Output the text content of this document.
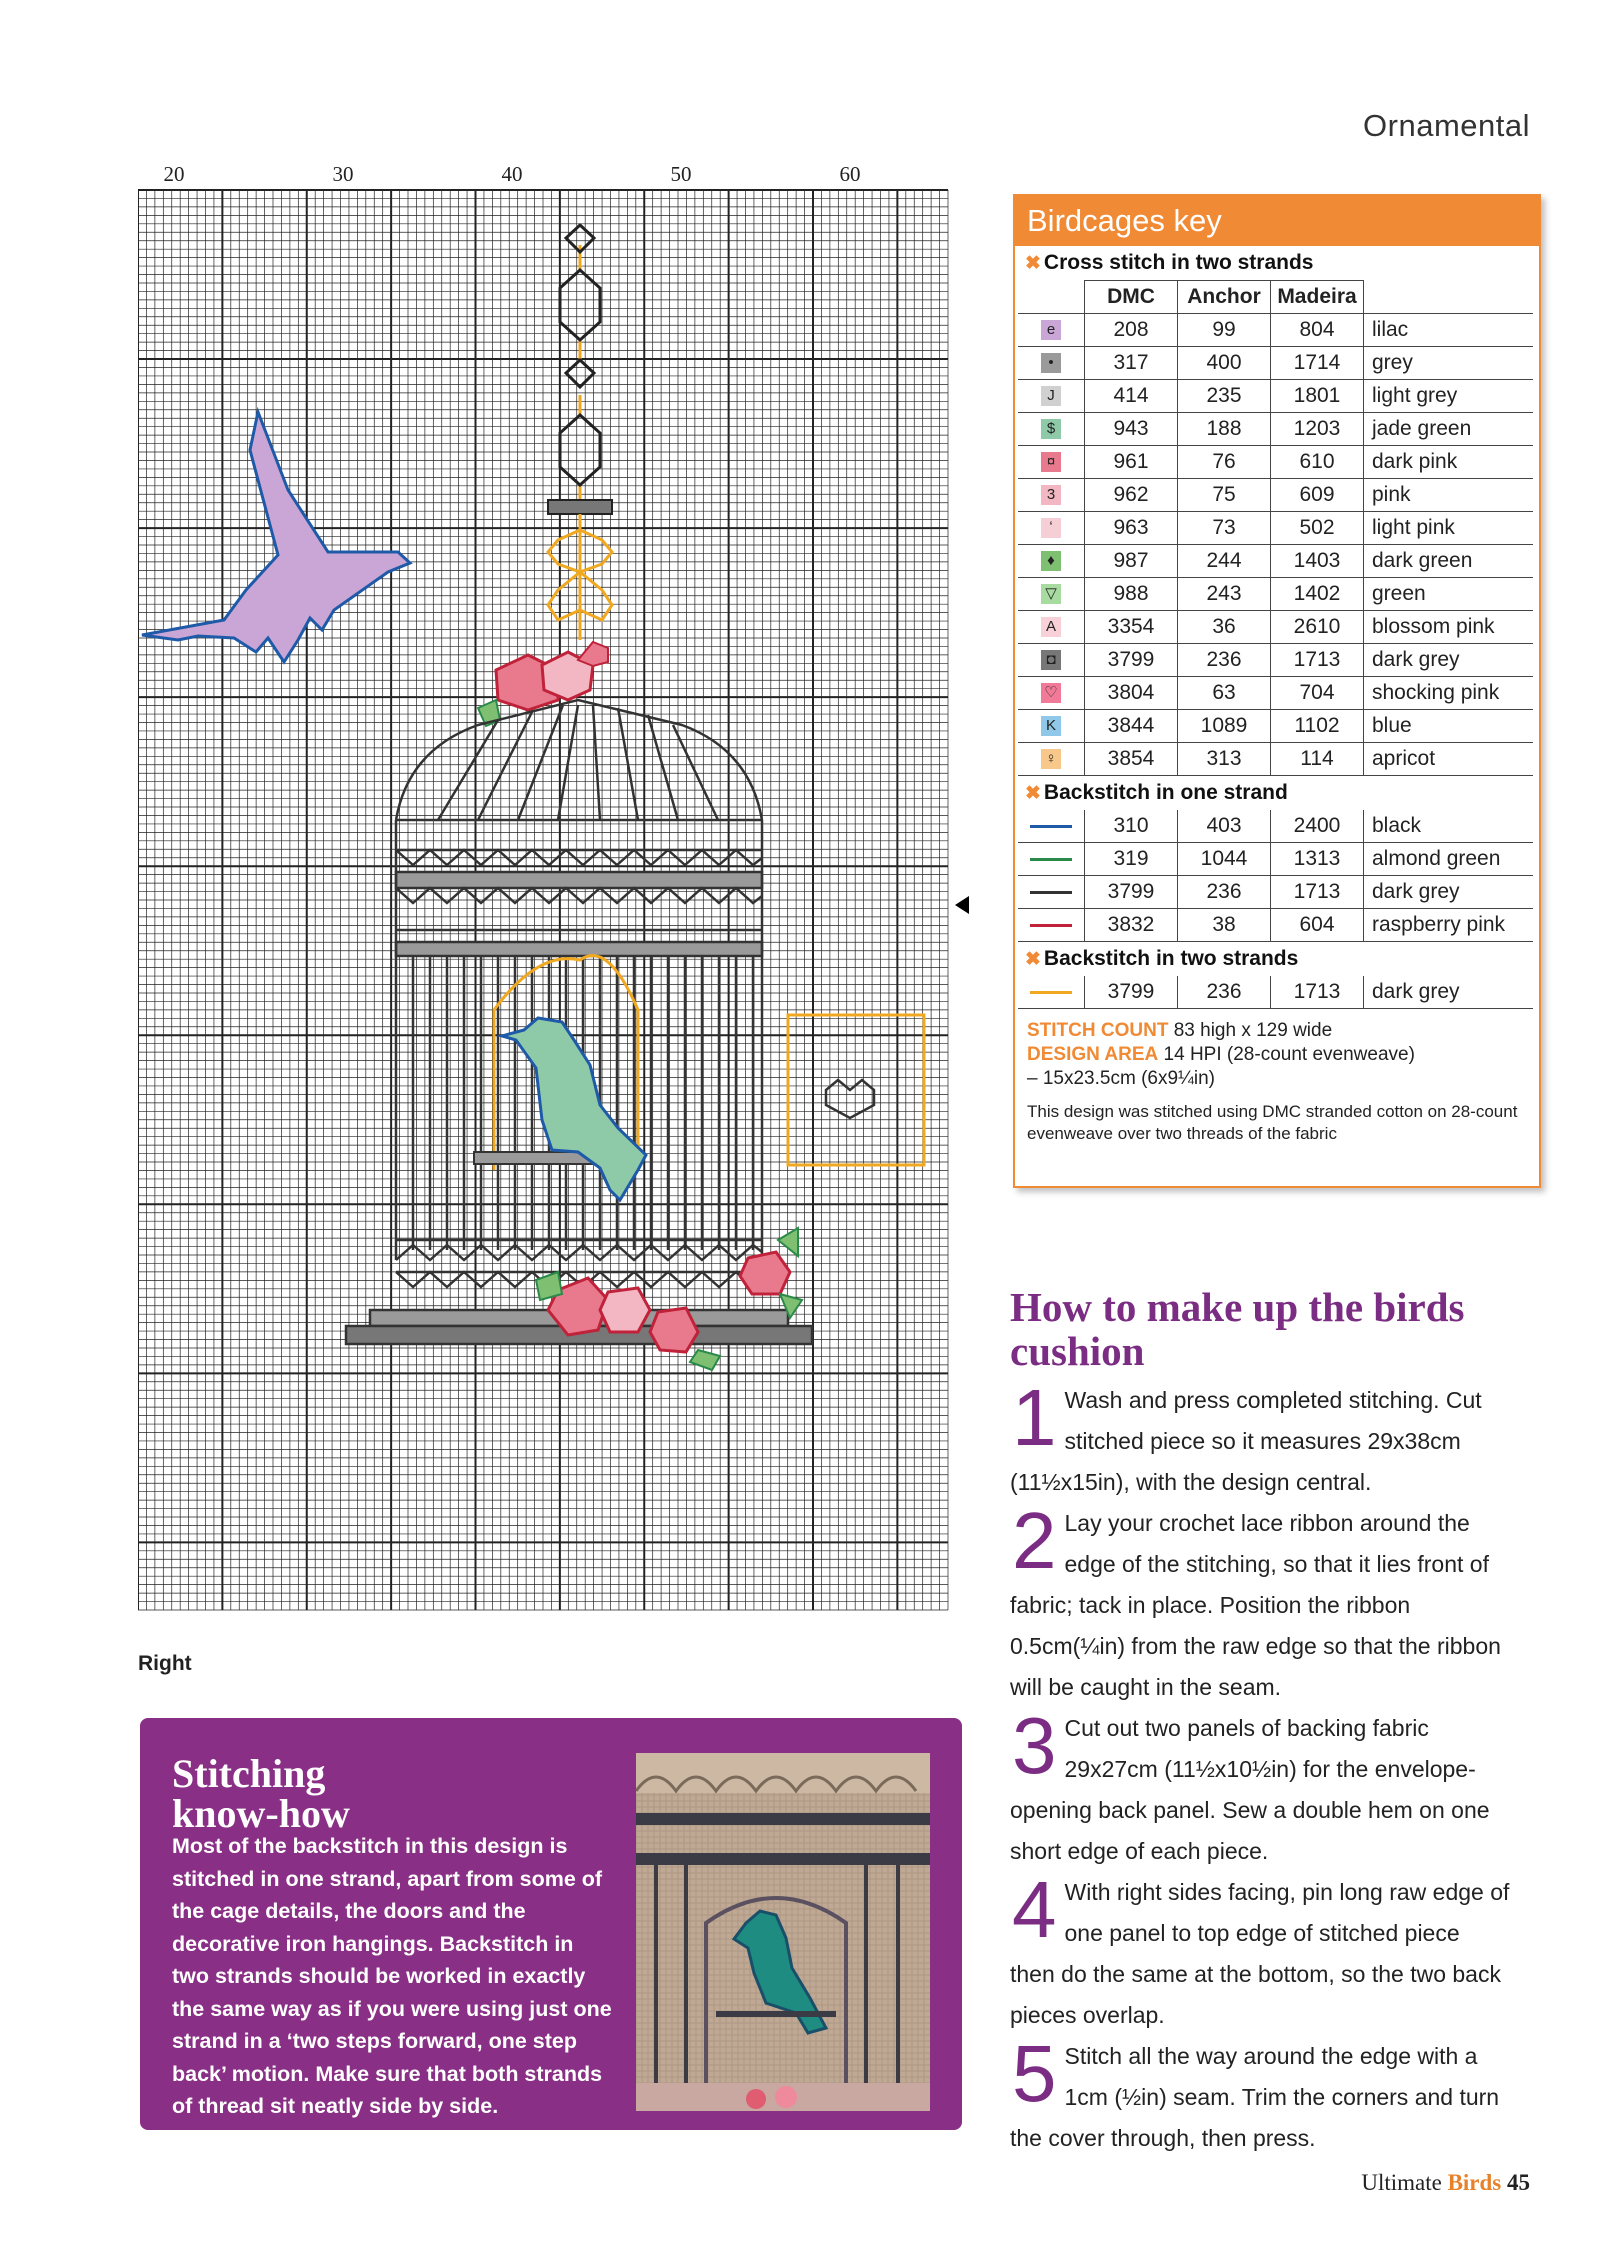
Ornamental
20	30	40	50	60
Right
Birdcages key
✖ Cross stitch in two strands
	DMC	Anchor	Madeira	
e	208	99	804	lilac
•	317	400	1714	grey
J	414	235	1801	light grey
$	943	188	1203	jade green
¤	961	76	610	dark pink
3	962	75	609	pink
ʻ	963	73	502	light pink
♦	987	244	1403	dark green
▽	988	243	1402	green
A	3354	36	2610	blossom pink
◘	3799	236	1713	dark grey
♡	3804	63	704	shocking pink
K	3844	1089	1102	blue
♀	3854	313	114	apricot
✖ Backstitch in one strand
	310	403	2400	black
	319	1044	1313	almond green
	3799	236	1713	dark grey
	3832	38	604	raspberry pink
✖ Backstitch in two strands
	3799	236	1713	dark grey
STITCH COUNT 83 high x 129 wide
DESIGN AREA 14 HPI (28-count evenweave)
– 15x23.5cm (6x9¼in)
This design was stitched using DMC stranded cotton on 28-count evenweave over two threads of the fabric
How to make up the birds cushion
1 Wash and press completed stitching. Cut stitched piece so it measures 29x38cm (11½x15in), with the design central.
2 Lay your crochet lace ribbon around the edge of the stitching, so that it lies front of fabric; tack in place. Position the ribbon 0.5cm(¼in) from the raw edge so that the ribbon will be caught in the seam.
3 Cut out two panels of backing fabric 29x27cm (11½x10½in) for the envelope-opening back panel. Sew a double hem on one short edge of each piece.
4 With right sides facing, pin long raw edge of one panel to top edge of stitched piece then do the same at the bottom, so the two back pieces overlap.
5 Stitch all the way around the edge with a 1cm (½in) seam. Trim the corners and turn the cover through, then press.
Stitching
know-how
Most of the backstitch in this design is stitched in one strand, apart from some of the cage details, the doors and the decorative iron hangings. Backstitch in two strands should be worked in exactly the same way as if you were using just one strand in a ‘two steps forward, one step back’ motion. Make sure that both strands of thread sit neatly side by side.
Ultimate Birds 45
